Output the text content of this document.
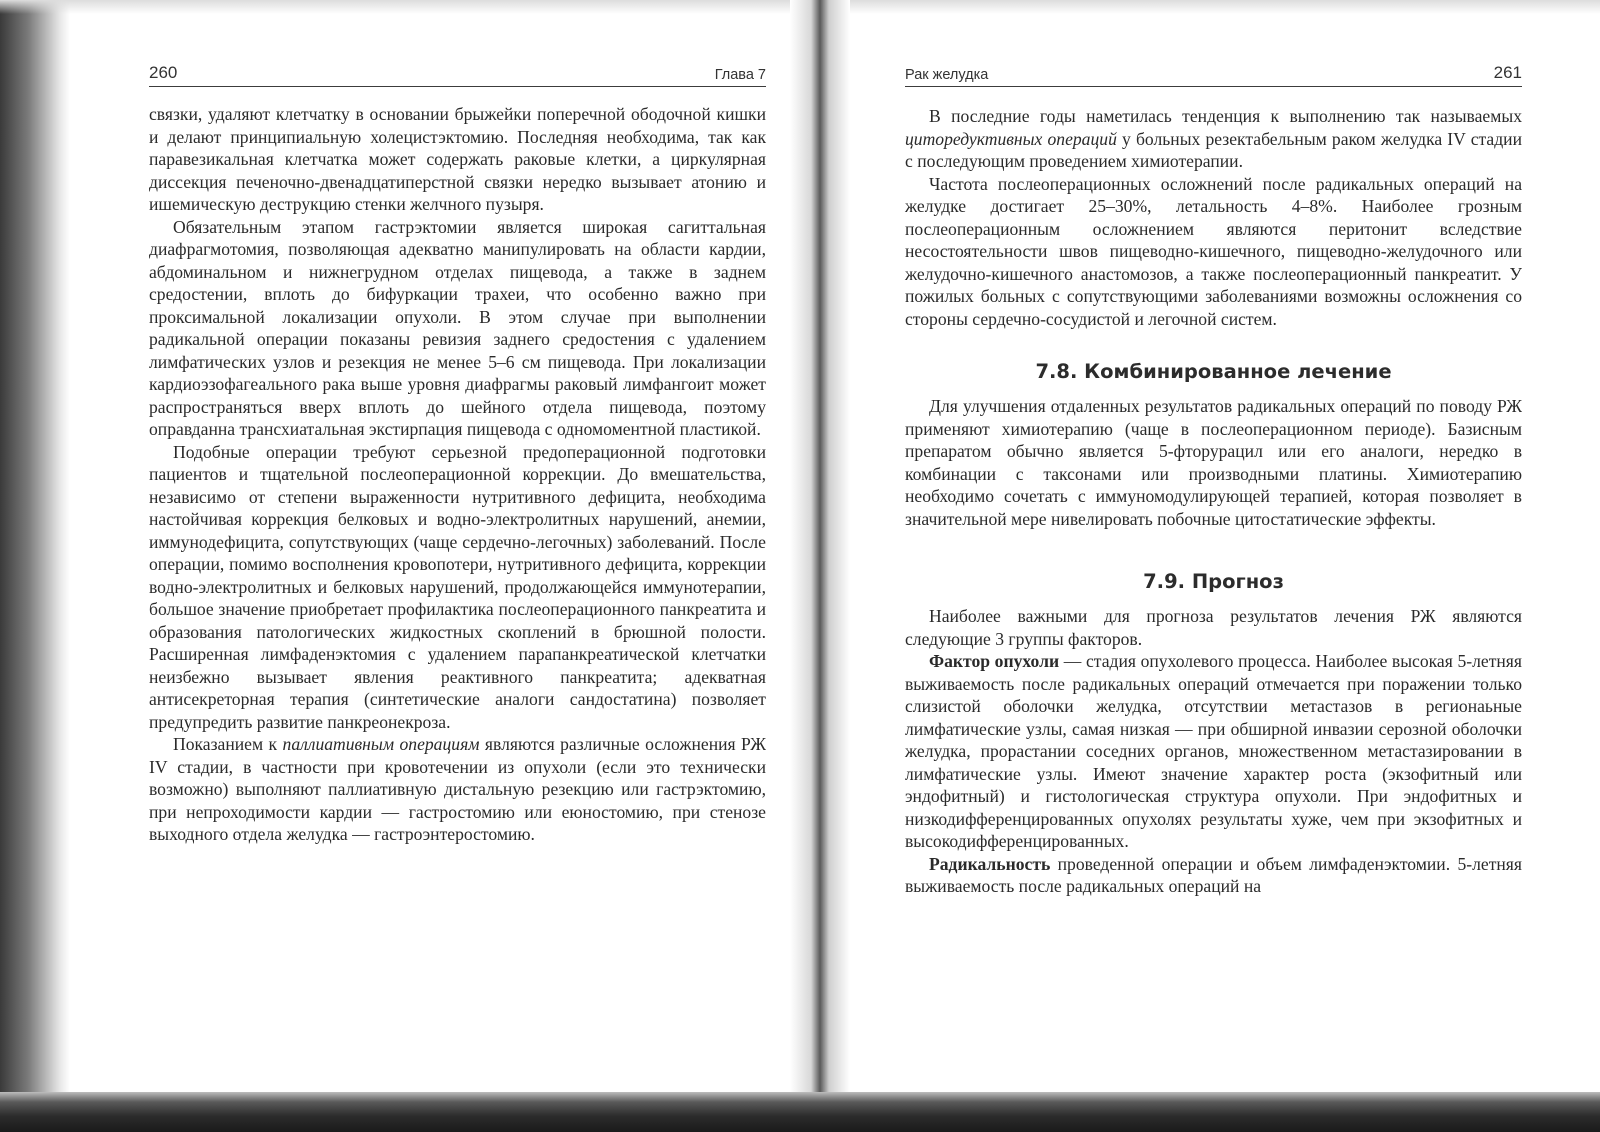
260	Глава 7

связки, удаляют клетчатку в основании брыжейки поперечной ободочной кишки и делают принципиальную холецистэктомию. Последняя необходима, так как паравезикальная клетчатка может содержать раковые клетки, а циркулярная диссекция печеночно-двенадцатиперстной связки нередко вызывает атонию и ишемическую деструкцию стенки желчного пузыря.

Обязательным этапом гастрэктомии является широкая сагиттальная диафрагмотомия, позволяющая адекватно манипулировать на области кардии, абдоминальном и нижнегрудном отделах пищевода, а также в заднем средостении, вплоть до бифуркации трахеи, что особенно важно при проксимальной локализации опухоли. В этом случае при выполнении радикальной операции показаны ревизия заднего средостения с удалением лимфатических узлов и резекция не менее 5–6 см пищевода. При локализации кардиоэзофагеального рака выше уровня диафрагмы раковый лимфангоит может распространяться вверх вплоть до шейного отдела пищевода, поэтому оправданна трансхиатальная экстирпация пищевода с одномоментной пластикой.

Подобные операции требуют серьезной предоперационной подготовки пациентов и тщательной послеоперационной коррекции. До вмешательства, независимо от степени выраженности нутритивного дефицита, необходима настойчивая коррекция белковых и водно-электролитных нарушений, анемии, иммунодефицита, сопутствующих (чаще сердечно-легочных) заболеваний. После операции, помимо восполнения кровопотери, нутритивного дефицита, коррекции водно-электролитных и белковых нарушений, продолжающейся иммунотерапии, большое значение приобретает профилактика послеоперационного панкреатита и образования патологических жидкостных скоплений в брюшной полости. Расширенная лимфаденэктомия с удалением парапанкреатической клетчатки неизбежно вызывает явления реактивного панкреатита; адекватная антисекреторная терапия (синтетические аналоги сандостатина) позволяет предупредить развитие панкреонекроза.

Показанием к паллиативным операциям являются различные осложнения РЖ IV стадии, в частности при кровотечении из опухоли (если это технически возможно) выполняют паллиативную дистальную резекцию или гастрэктомию, при непроходимости кардии — гастростомию или еюностомию, при стенозе выходного отдела желудка — гастроэнтеростомию.

Рак желудка	261

В последние годы наметилась тенденция к выполнению так называемых циторедуктивных операций у больных резектабельным раком желудка IV стадии с последующим проведением химиотерапии.

Частота послеоперационных осложнений после радикальных операций на желудке достигает 25–30%, летальность 4–8%. Наиболее грозным послеоперационным осложнением являются перитонит вследствие несостоятельности швов пищеводно-кишечного, пищеводно-желудочного или желудочно-кишечного анастомозов, а также послеоперационный панкреатит. У пожилых больных с сопутствующими заболеваниями возможны осложнения со стороны сердечно-сосудистой и легочной систем.

7.8. Комбинированное лечение

Для улучшения отдаленных результатов радикальных операций по поводу РЖ применяют химиотерапию (чаще в послеоперационном периоде). Базисным препаратом обычно является 5-фторурацил или его аналоги, нередко в комбинации с таксонами или производными платины. Химиотерапию необходимо сочетать с иммуномодулирующей терапией, которая позволяет в значительной мере нивелировать побочные цитостатические эффекты.

7.9. Прогноз

Наиболее важными для прогноза результатов лечения РЖ являются следующие 3 группы факторов.

Фактор опухоли — стадия опухолевого процесса. Наиболее высокая 5-летняя выживаемость после радикальных операций отмечается при поражении только слизистой оболочки желудка, отсутствии метастазов в регионаьные лимфатические узлы, самая низкая — при обширной инвазии серозной оболочки желудка, прорастании соседних органов, множественном метастазировании в лимфатические узлы. Имеют значение характер роста (экзофитный или эндофитный) и гистологическая структура опухоли. При эндофитных и низкодифференцированных опухолях результаты хуже, чем при экзофитных и высокодифференцированных.

Радикальность проведенной операции и объем лимфаденэктомии. 5-летняя выживаемость после радикальных операций на
